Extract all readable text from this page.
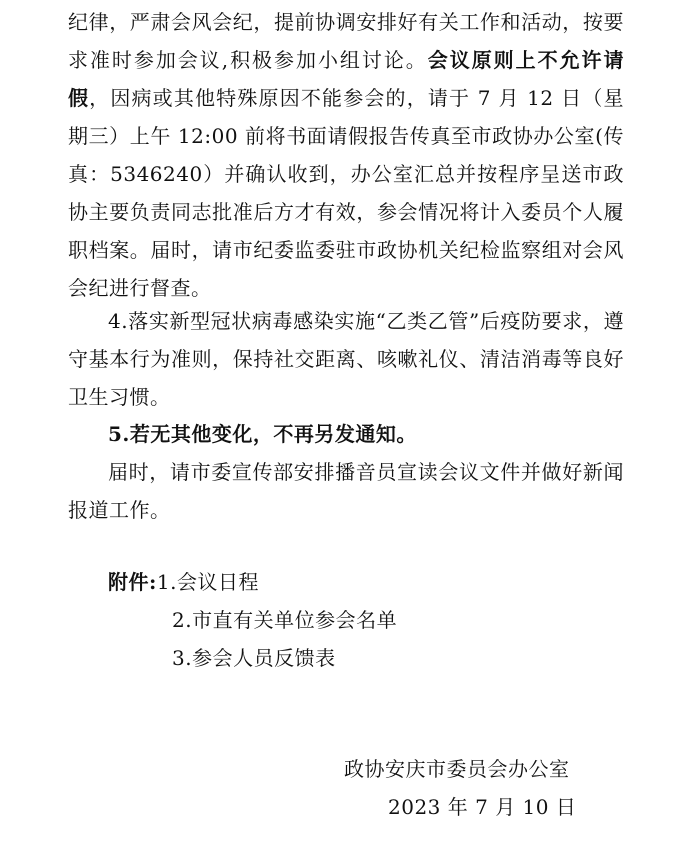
纪律，严肃会风会纪，提前协调安排好有关工作和活动，按要求准时参加会议,积极参加小组讨论。会议原则上不允许请假，因病或其他特殊原因不能参会的，请于 7 月 12 日（星期三）上午 12:00 前将书面请假报告传真至市政协办公室(传真：5346240）并确认收到，办公室汇总并按程序呈送市政协主要负责同志批准后方才有效，参会情况将计入委员个人履职档案。届时，请市纪委监委驻市政协机关纪检监察组对会风会纪进行督查。

4.落实新型冠状病毒感染实施“乙类乙管”后疫防要求，遵守基本行为准则，保持社交距离、咳嗽礼仪、清洁消毒等良好卫生习惯。

5.若无其他变化，不再另发通知。

届时，请市委宣传部安排播音员宣读会议文件并做好新闻报道工作。

附件:1.会议日程
2.市直有关单位参会名单
3.参会人员反馈表
政协安庆市委员会办公室
2023 年 7 月 10 日
